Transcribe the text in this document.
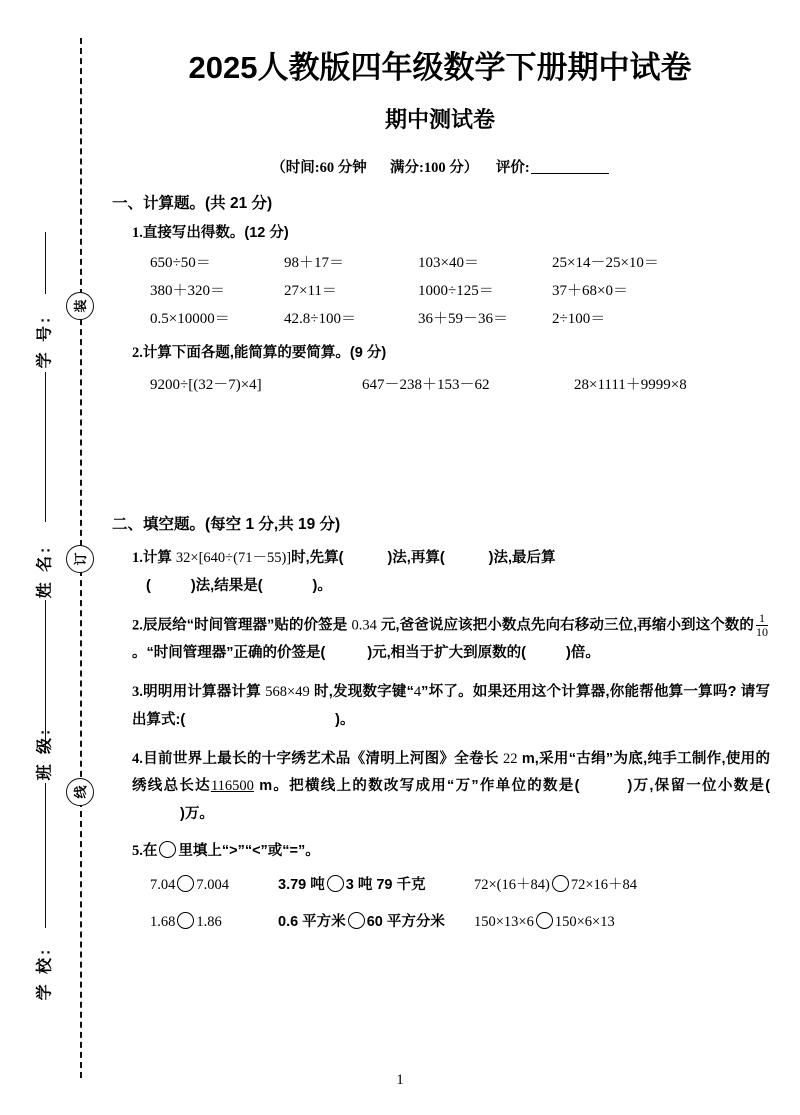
装
订
线
学 号:
姓 名:
班 级:
学 校:
2025人教版四年级数学下册期中试卷
期中测试卷
（时间:60 分钟 满分:100 分） 评价:
一、计算题。(共 21 分)
1.直接写出得数。(12 分)
650÷50＝	98＋17＝	103×40＝	25×14－25×10＝
380＋320＝	27×11＝	1000÷125＝	37＋68×0＝
0.5×10000＝	42.8÷100＝	36＋59－36＝	2÷100＝
2.计算下面各题,能简算的要简算。(9 分)
9200÷[(32－7)×4]	647－238＋153－62	28×1111＋9999×8
二、填空题。(每空 1 分,共 19 分)
1.计算 32×[640÷(71－55)]时,先算(	)法,再算(	)法,最后算
(	)法,结果是(	)。
2.辰辰给“时间管理器”贴的价签是 0.34 元,爸爸说应该把小数点先向右移动三位,再缩小到这个数的 $\frac{1}{10}$
。“时间管理器”正确的价签是(	)元,相当于扩大到原数的(	)倍。
3.明明用计算器计算 568×49 时,发现数字键“4”坏了。如果还用这个计算器,你能帮他算一算吗? 请写出算式:(	)。
4.目前世界上最长的十字绣艺术品《清明上河图》全卷长 22 m,采用“古绢”为底,纯手工制作,使用的绣线总长达116500 m。把横线上的数改写成用“万”作单位的数是(	)万,保留一位小数是()万。
5.在 里填上“>”“<”或“=”。
7.04 7.004	3.79 吨 3 吨 79 千克	72×(16＋84) 72×16＋84
1.68 1.86	0.6 平方米 60 平方分米	150×13×6 150×6×13
1
